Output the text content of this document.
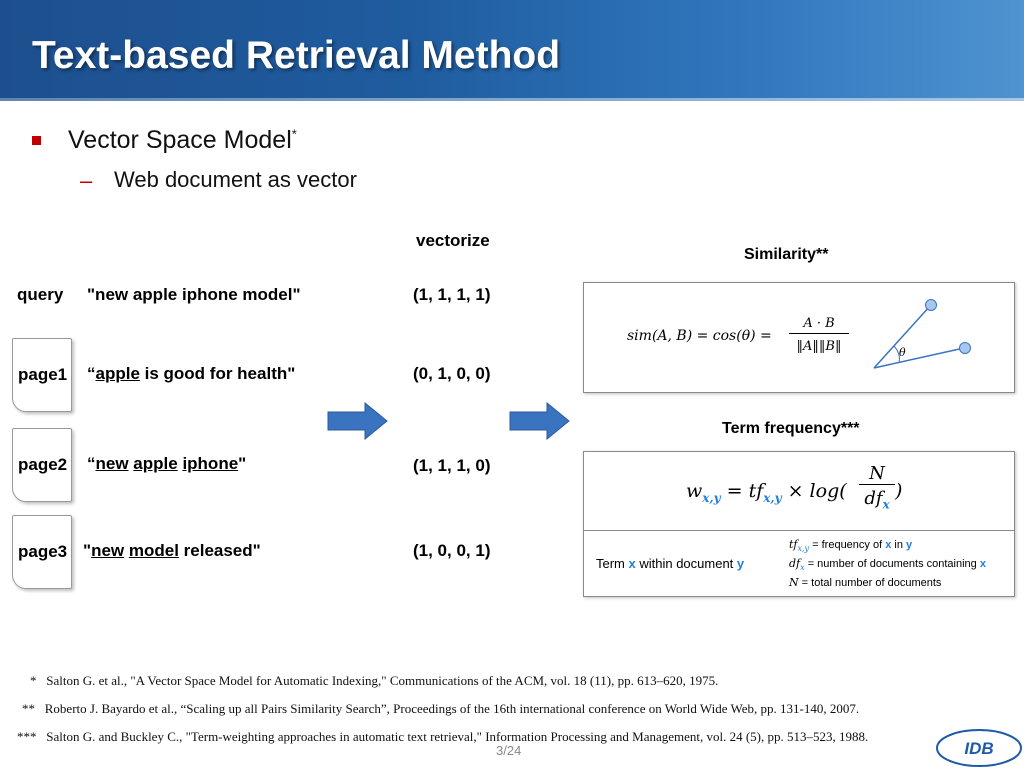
Text-based Retrieval Method
Vector Space Model*
– Web document as vector
vectorize
query "new apple iphone model"	(1, 1, 1, 1)
page1 “apple is good for health"	(0, 1, 0, 0)
page2 “new apple iphone"	(1, 1, 1, 0)
page3 "new model released"	(1, 0, 0, 1)
Similarity**
sim(A, B) = cos(θ) =
A · B
‖A‖‖B‖	θ
Term frequency***
$w_{x,y} = tf_{x,y} \times \log$(
N
$df_x$
)
Term x within document y
$tf_{x,y}$ = frequency of x in y
$df_x$ = number of documents containing x
N = total number of documents
* Salton G. et al., "A Vector Space Model for Automatic Indexing," Communications of the ACM, vol. 18 (11), pp. 613–620, 1975.
** Roberto J. Bayardo et al., “Scaling up all Pairs Similarity Search”, Proceedings of the 16th international conference on World Wide Web, pp. 131-140, 2007.
*** Salton G. and Buckley C., "Term-weighting approaches in automatic text retrieval," Information Processing and Management, vol. 24 (5), pp. 513–523, 1988.
3/24	IDB
